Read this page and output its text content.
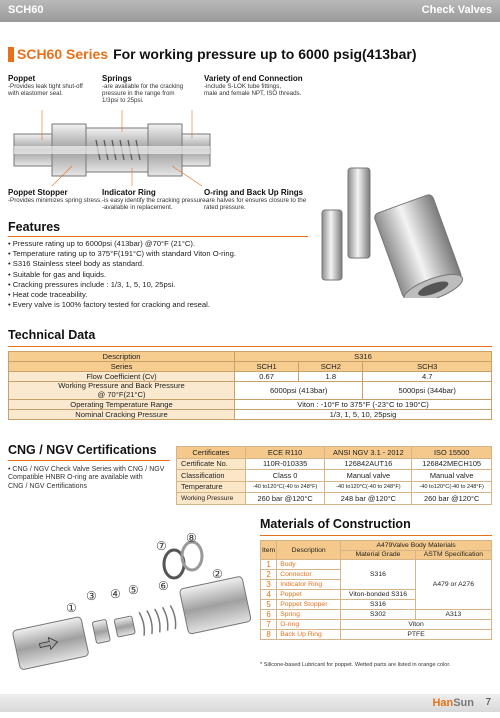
SCH60	Check Valves
SCH60 Series For working pressure up to 6000 psig(413bar)
Poppet
-Provides leak tight shut-off
with elastomer seal.
Springs
-are available for the cracking
pressure in the range from
1/3psi to 25psi.
Variety of end Connection
-include S-LOK tube fittings,
male and female NPT, ISO threads.
Poppet Stopper
-Provides minimizes spring stress.
Indicator Ring
-is easy identify the cracking pressure.
-available in replacement.
O-ring and Back Up Rings
-are halves for ensures closure to the
rated pressure.
Features
• Pressure rating up to 6000psi (413bar) @70°F (21°C).
• Temperature rating up to 375°F(191°C) with standard Viton O-ring.
• S316 Stainless steel body as standard.
• Suitable for gas and liquids.
• Cracking pressures include : 1/3, 1, 5, 10, 25psi.
• Heat code traceability.
• Every valve is 100% factory tested for cracking and reseal.
Technical Data
Description	S316		
Series	SCH1	SCH2	SCH3
Flow Coefficient (Cv)	0.67	1.8	4.7
Working Pressure and Back Pressure
@ 70°F(21°C)	6000psi (413bar)		5000psi (344bar)
Operating Temperature Range	Viton : -10°F to 375°F (-23°C to 190°C)		
Nominal Cracking Pressure	1/3, 1, 5, 10, 25psig		
CNG / NGV Certifications
• CNG / NGV Check Valve Series with CNG / NGV
Compatible HNBR O-ring are available with
CNG / NGV Certifications
Certificates	ECE R110	ANSI NGV 3.1 - 2012	ISO 15500
Certificate No.	110R-010335	126842AUT16	126842MECH105
Classification	Class 0	Manual valve	Manual valve
Temperature	-40 to120°C(-40 to 248°F)	-40 to120°C(-40 to 248°F)	-40 to120°C(-40 to 248°F)
Working Pressure	260 bar @120°C	248 bar @120°C	260 bar @120°C
①
②
③ ④ ⑤ ⑥
⑦
⑧
Materials of Construction
Item	Description	A479Valve Body Materials	
		Material Grade	ASTM Specification
1	Body	S316	A479 or A276
2	Connector		
3	Indicator Ring		
4	Poppet	Viton-bonded S316	
5	Poppet Stopper	S316	
6	Spring	S302	A313
7	O-ring	Viton	
8	Back Up Ring	PTFE	
* Silicone-based Lubricant for poppet. Wetted parts are listed in orange color.
HanSun 7
